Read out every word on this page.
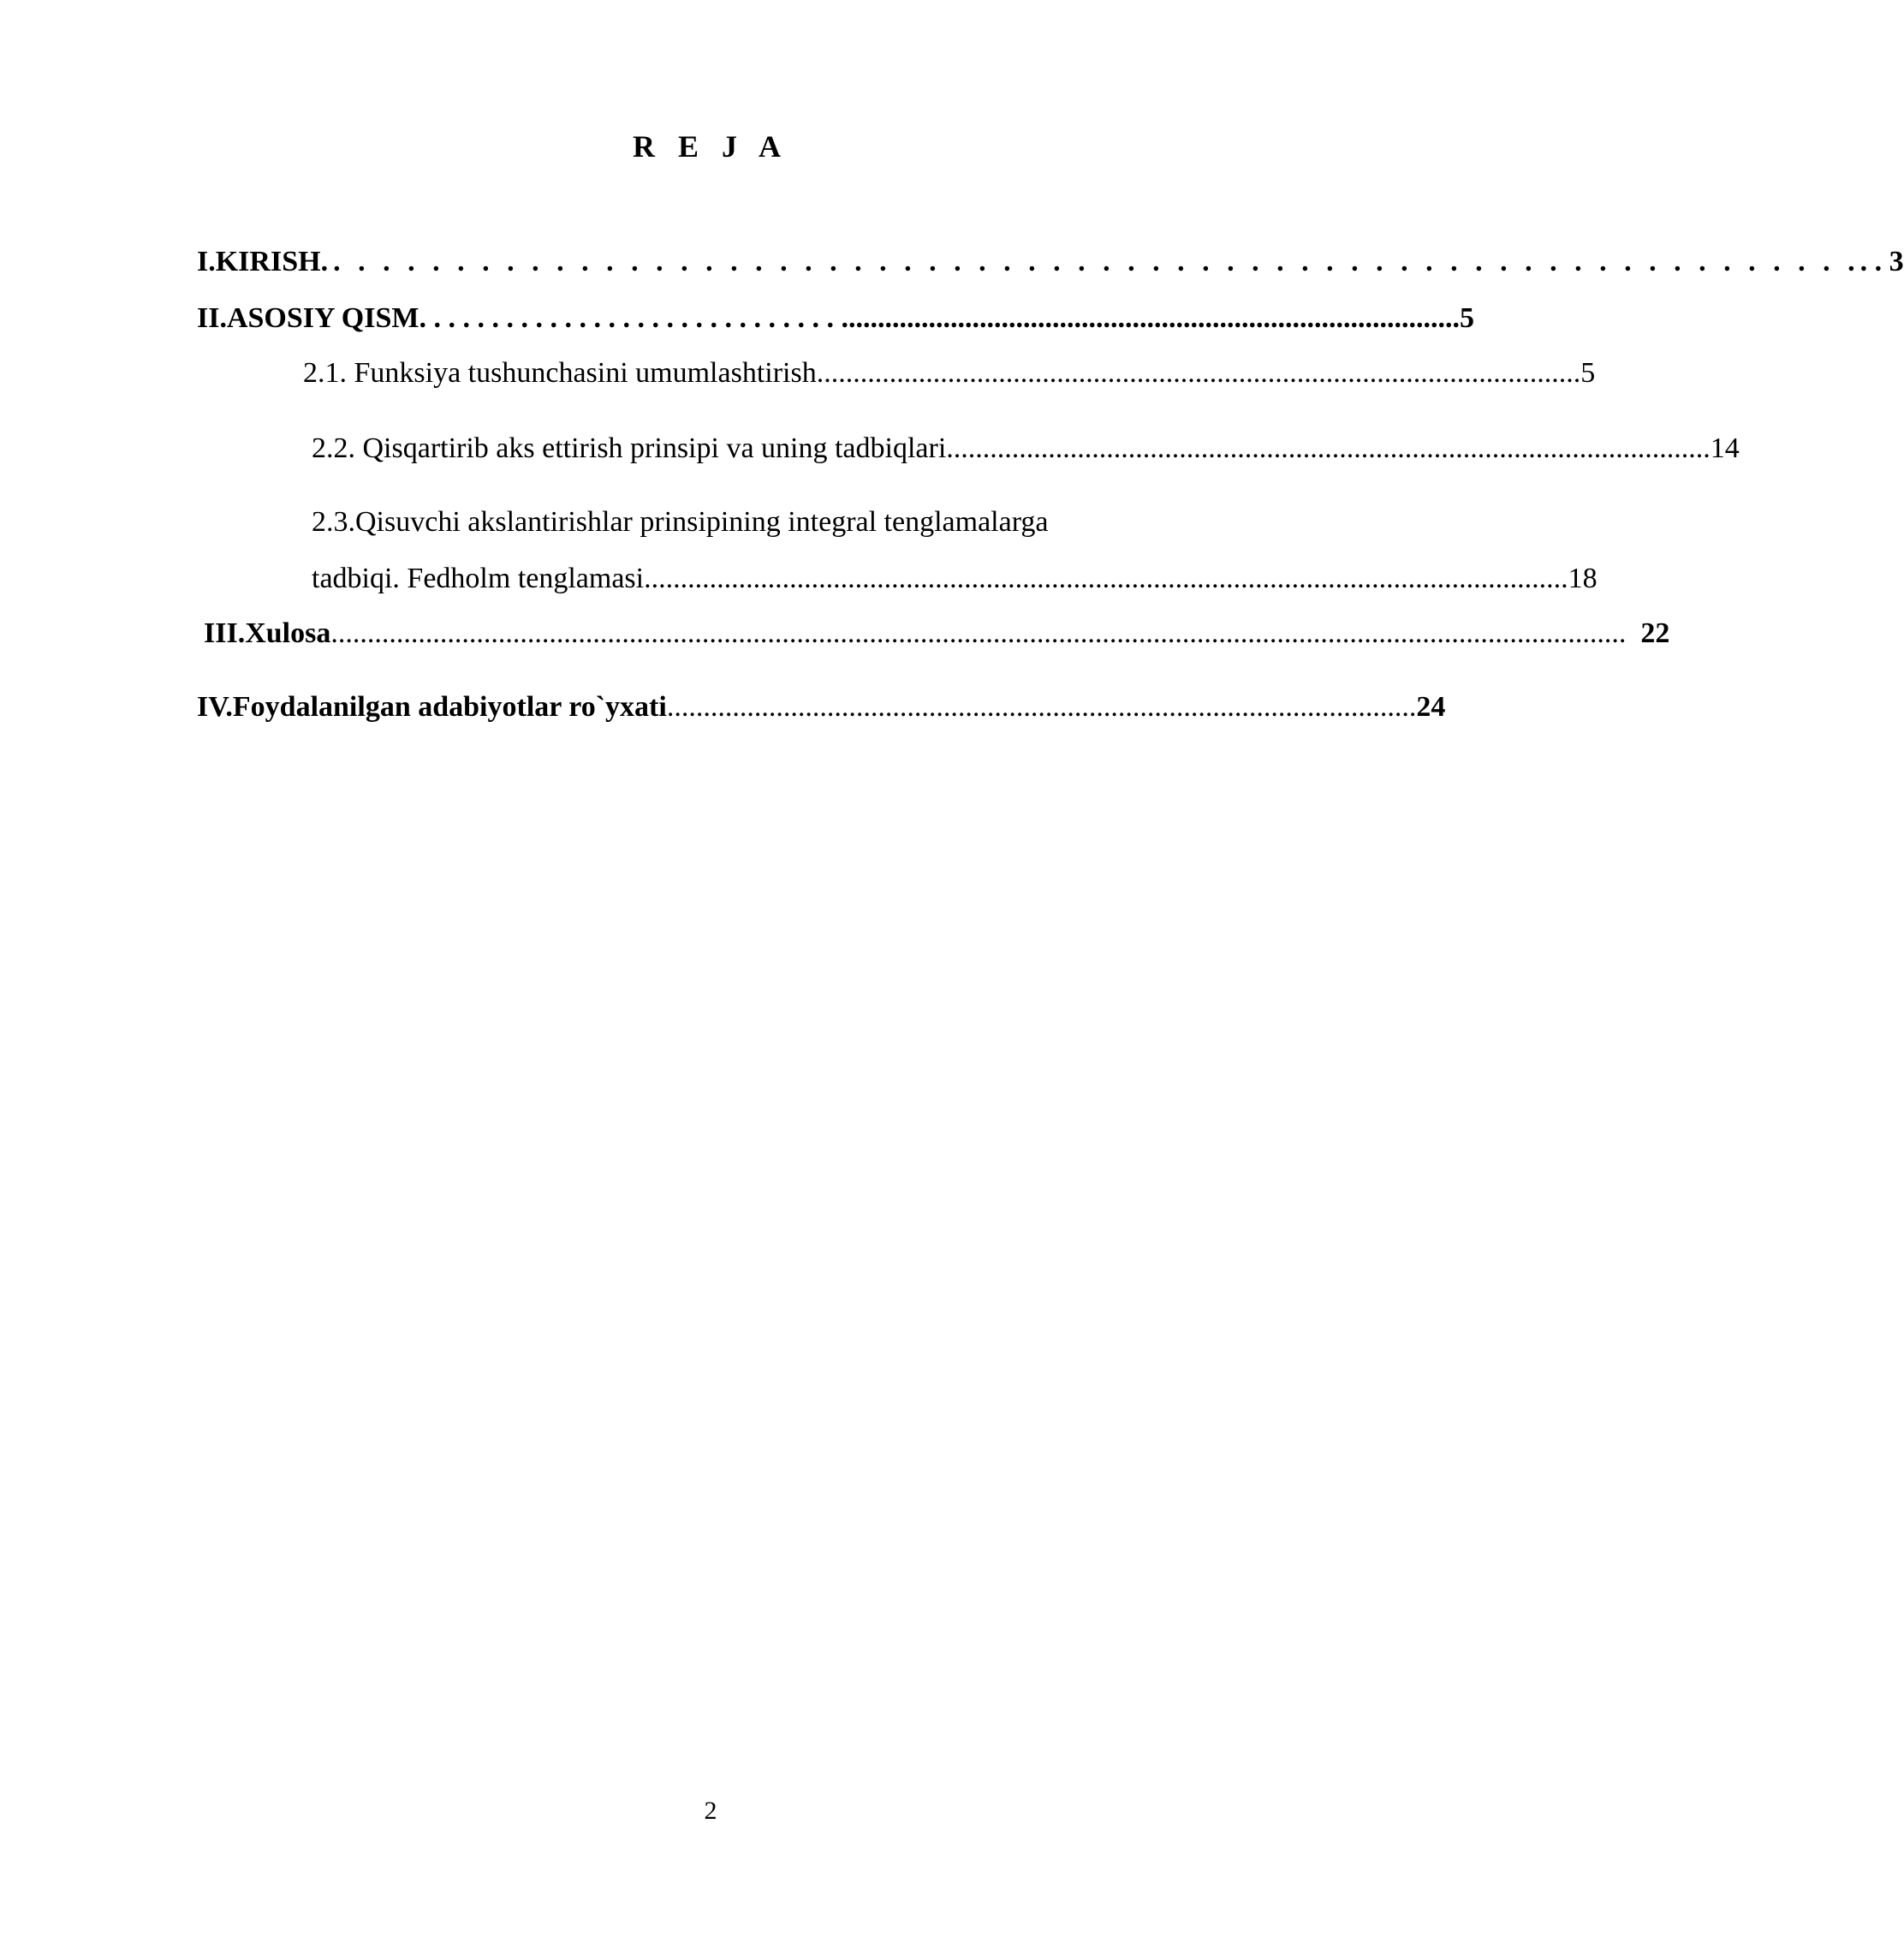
R E J A
I.KIRISH .. . . . . . . . . . . . . . . . . . . . . . . . . . . . . . . . . . . . . . . . . . . . . . . . . . . . . . . . . . . . . . . . 3
II.ASOSIY QISM . . . . . . . . . . . . . . . . . . . . . . . . . . . . . ..................................................................................... 5
2.1. Funksiya tushunchasini umumlashtirish ......................................................................................................... 5
2.2. Qisqartirib aks ettirish prinsipi va uning tadbiqlari ......................................................................................................... 14
2.3.Qisuvchi akslantirishlar prinsipining integral tenglamalarga
tadbiqi. Fedholm tenglamasi ............................................................................................................................... 18
III.Xulosa .................................................................................................................................................................................. 22
IV.Foydalanilgan adabiyotlar ro`yxati ....................................................................................................... 24
2
